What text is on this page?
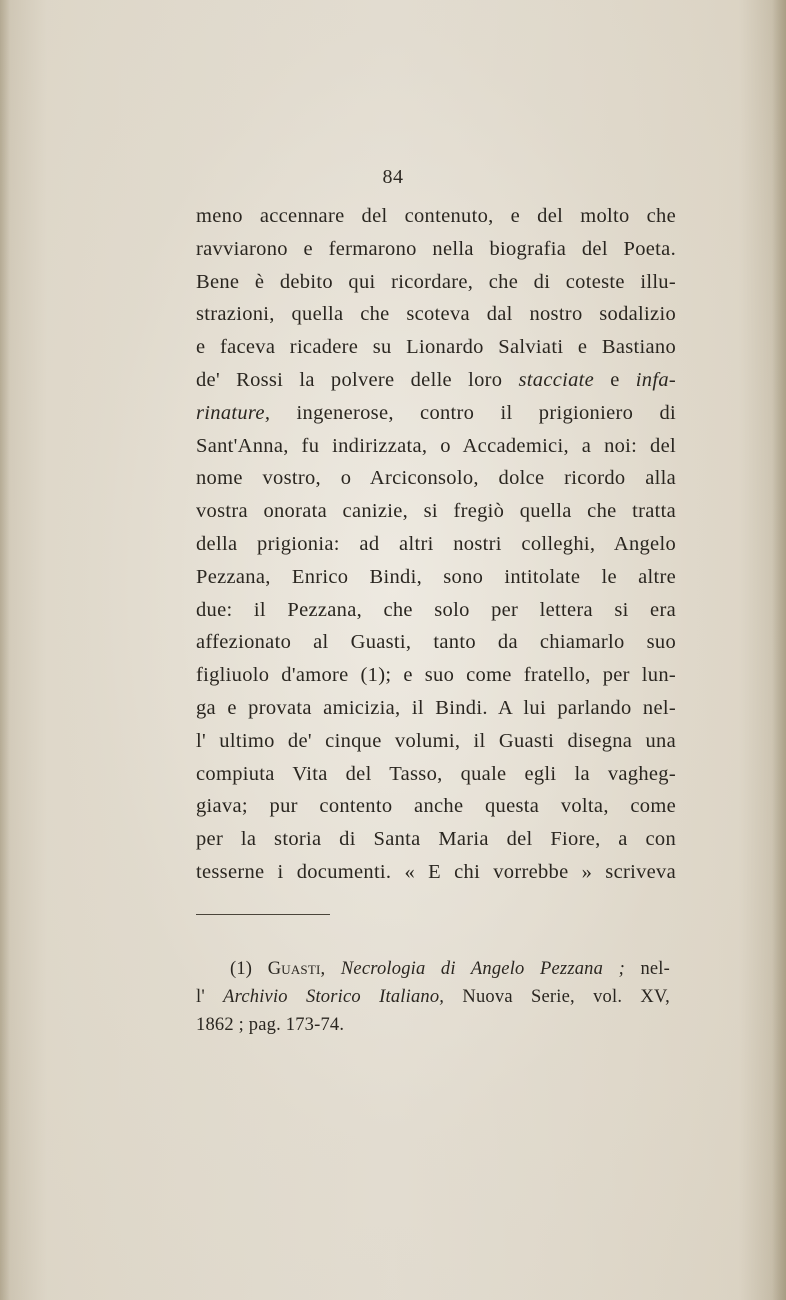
84
meno accennare del contenuto, e del molto che
ravviarono e fermarono nella biografia del Poeta.
Bene è debito qui ricordare, che di coteste illu-
strazioni, quella che scoteva dal nostro sodalizio
e faceva ricadere su Lionardo Salviati e Bastiano
de' Rossi la polvere delle loro stacciate e infa-
rinature, ingenerose, contro il prigioniero di
Sant'Anna, fu indirizzata, o Accademici, a noi: del
nome vostro, o Arciconsolo, dolce ricordo alla
vostra onorata canizie, si fregiò quella che tratta
della prigionia: ad altri nostri colleghi, Angelo
Pezzana, Enrico Bindi, sono intitolate le altre
due: il Pezzana, che solo per lettera si era
affezionato al Guasti, tanto da chiamarlo suo
figliuolo d'amore (1); e suo come fratello, per lun-
ga e provata amicizia, il Bindi. A lui parlando nel-
l' ultimo de' cinque volumi, il Guasti disegna una
compiuta Vita del Tasso, quale egli la vagheg-
giava; pur contento anche questa volta, come
per la storia di Santa Maria del Fiore, a con
tesserne i documenti. « E chi vorrebbe » scriveva
(1) Guasti, Necrologia di Angelo Pezzana ; nel-
l' Archivio Storico Italiano, Nuova Serie, vol. XV,
1862 ; pag. 173-74.
